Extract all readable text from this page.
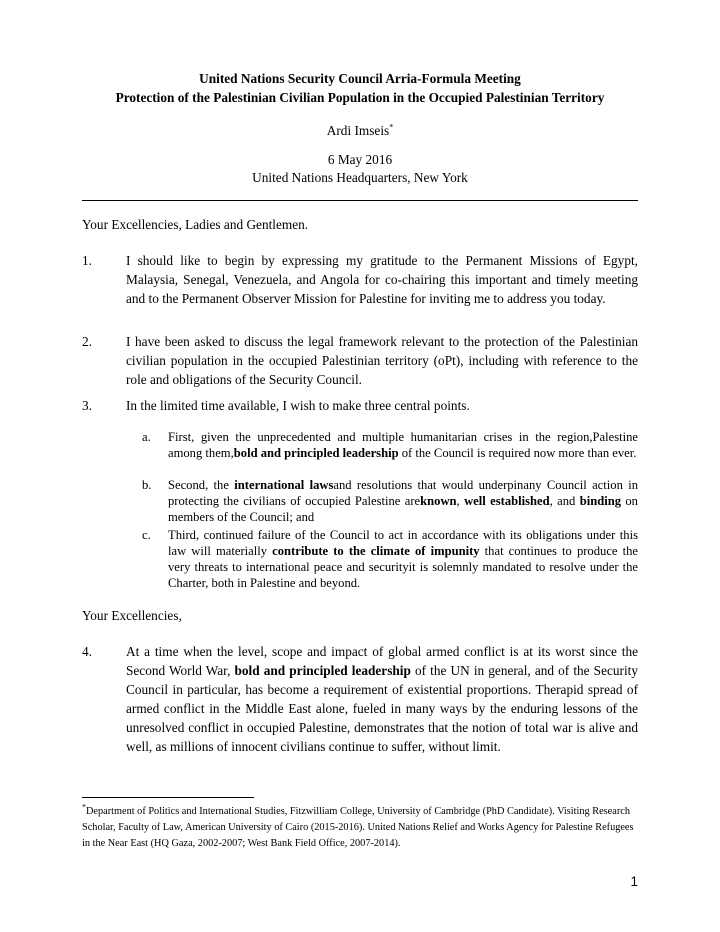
United Nations Security Council Arria-Formula Meeting
Protection of the Palestinian Civilian Population in the Occupied Palestinian Territory
Ardi Imseis*
6 May 2016
United Nations Headquarters, New York
Your Excellencies, Ladies and Gentlemen.
1.	I should like to begin by expressing my gratitude to the Permanent Missions of Egypt, Malaysia, Senegal, Venezuela, and Angola for co-chairing this important and timely meeting and to the Permanent Observer Mission for Palestine for inviting me to address you today.
2.	I have been asked to discuss the legal framework relevant to the protection of the Palestinian civilian population in the occupied Palestinian territory (oPt), including with reference to the role and obligations of the Security Council.
3.	In the limited time available, I wish to make three central points.
a. First, given the unprecedented and multiple humanitarian crises in the region,Palestine among them,bold and principled leadership of the Council is required now more than ever.
b. Second, the international lawsand resolutions that would underpinany Council action in protecting the civilians of occupied Palestine areknown, well established, and binding on members of the Council; and
c. Third, continued failure of the Council to act in accordance with its obligations under this law will materially contribute to the climate of impunity that continues to produce the very threats to international peace and securityit is solemnly mandated to resolve under the Charter, both in Palestine and beyond.
Your Excellencies,
4.	At a time when the level, scope and impact of global armed conflict is at its worst since the Second World War, bold and principled leadership of the UN in general, and of the Security Council in particular, has become a requirement of existential proportions. Therapid spread of armed conflict in the Middle East alone, fueled in many ways by the enduring lessons of the unresolved conflict in occupied Palestine, demonstrates that the notion of total war is alive and well, as millions of innocent civilians continue to suffer, without limit.
*Department of Politics and International Studies, Fitzwilliam College, University of Cambridge (PhD Candidate). Visiting Research Scholar, Faculty of Law, American University of Cairo (2015-2016). United Nations Relief and Works Agency for Palestine Refugees in the Near East (HQ Gaza, 2002-2007; West Bank Field Office, 2007-2014).
1
